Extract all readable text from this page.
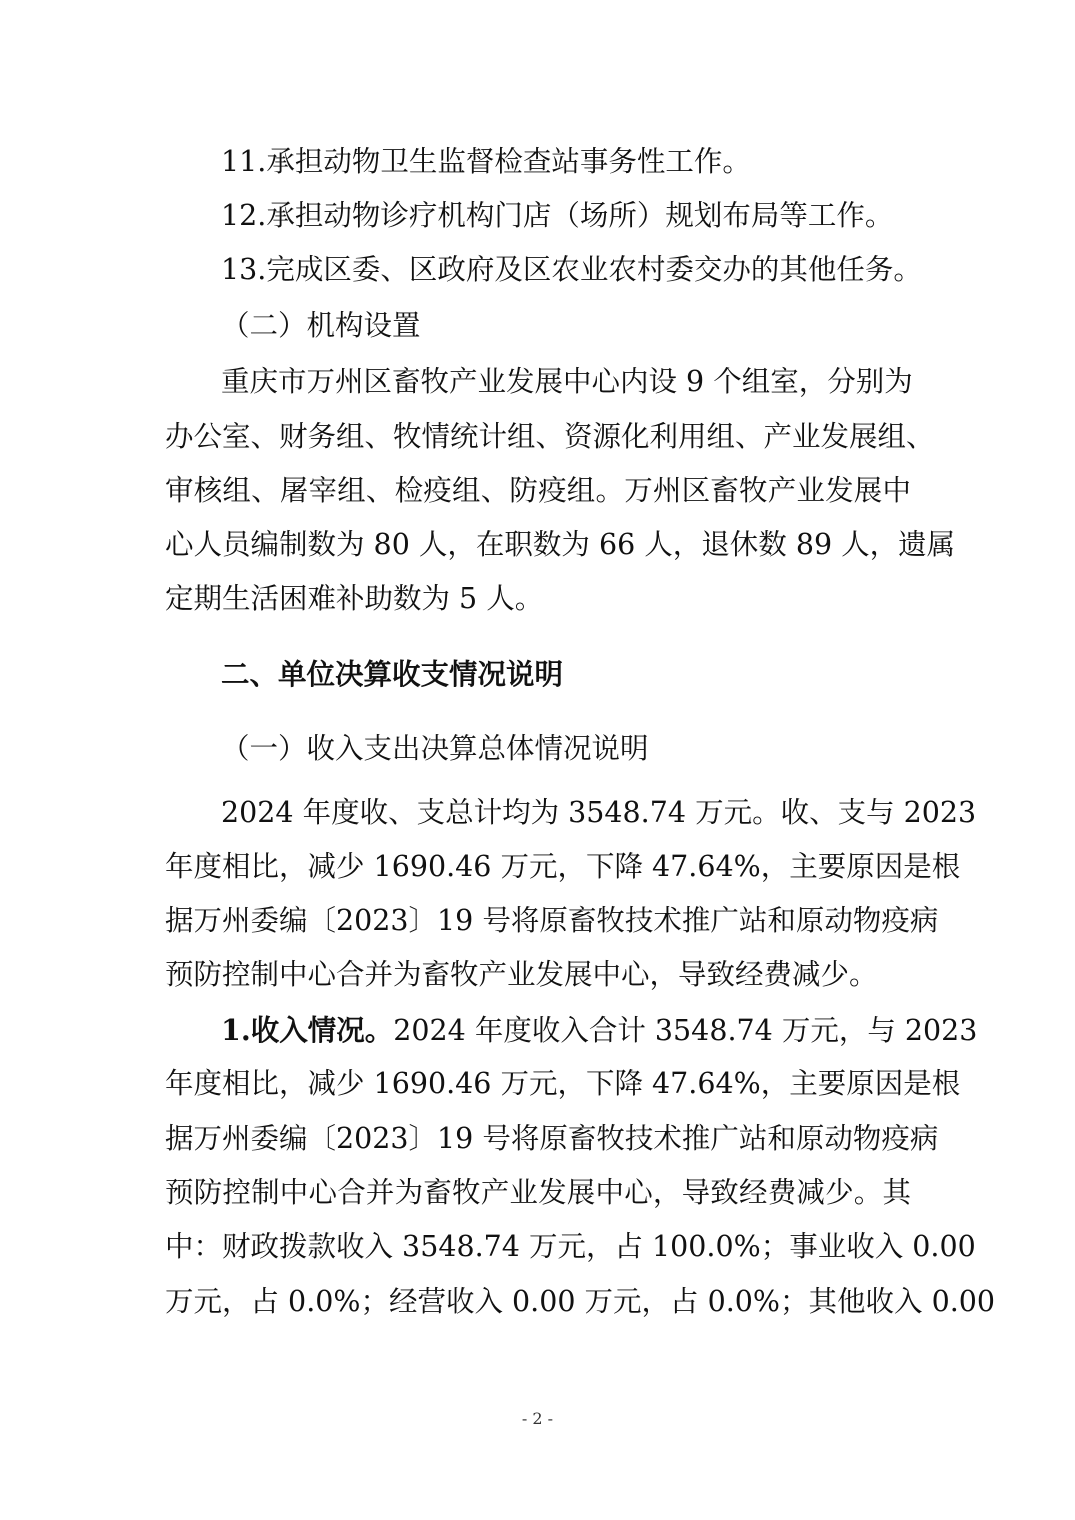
11.承担动物卫生监督检查站事务性工作。

12.承担动物诊疗机构门店（场所）规划布局等工作。

13.完成区委、区政府及区农业农村委交办的其他任务。

（二）机构设置

重庆市万州区畜牧产业发展中心内设 9 个组室，分别为

办公室、财务组、牧情统计组、资源化利用组、产业发展组、

审核组、屠宰组、检疫组、防疫组。万州区畜牧产业发展中

心人员编制数为 80 人，在职数为 66 人，退休数 89 人，遗属

定期生活困难补助数为 5 人。

二、单位决算收支情况说明

（一）收入支出决算总体情况说明

2024 年度收、支总计均为 3548.74 万元。收、支与 2023

年度相比，减少 1690.46 万元，下降 47.64%，主要原因是根

据万州委编〔2023〕19 号将原畜牧技术推广站和原动物疫病

预防控制中心合并为畜牧产业发展中心，导致经费减少。

1.收入情况。2024 年度收入合计 3548.74 万元，与 2023

年度相比，减少 1690.46 万元，下降 47.64%，主要原因是根

据万州委编〔2023〕19 号将原畜牧技术推广站和原动物疫病

预防控制中心合并为畜牧产业发展中心，导致经费减少。其

中：财政拨款收入 3548.74 万元，占 100.0%；事业收入 0.00

万元，占 0.0%；经营收入 0.00 万元，占 0.0%；其他收入 0.00

- 2 -
